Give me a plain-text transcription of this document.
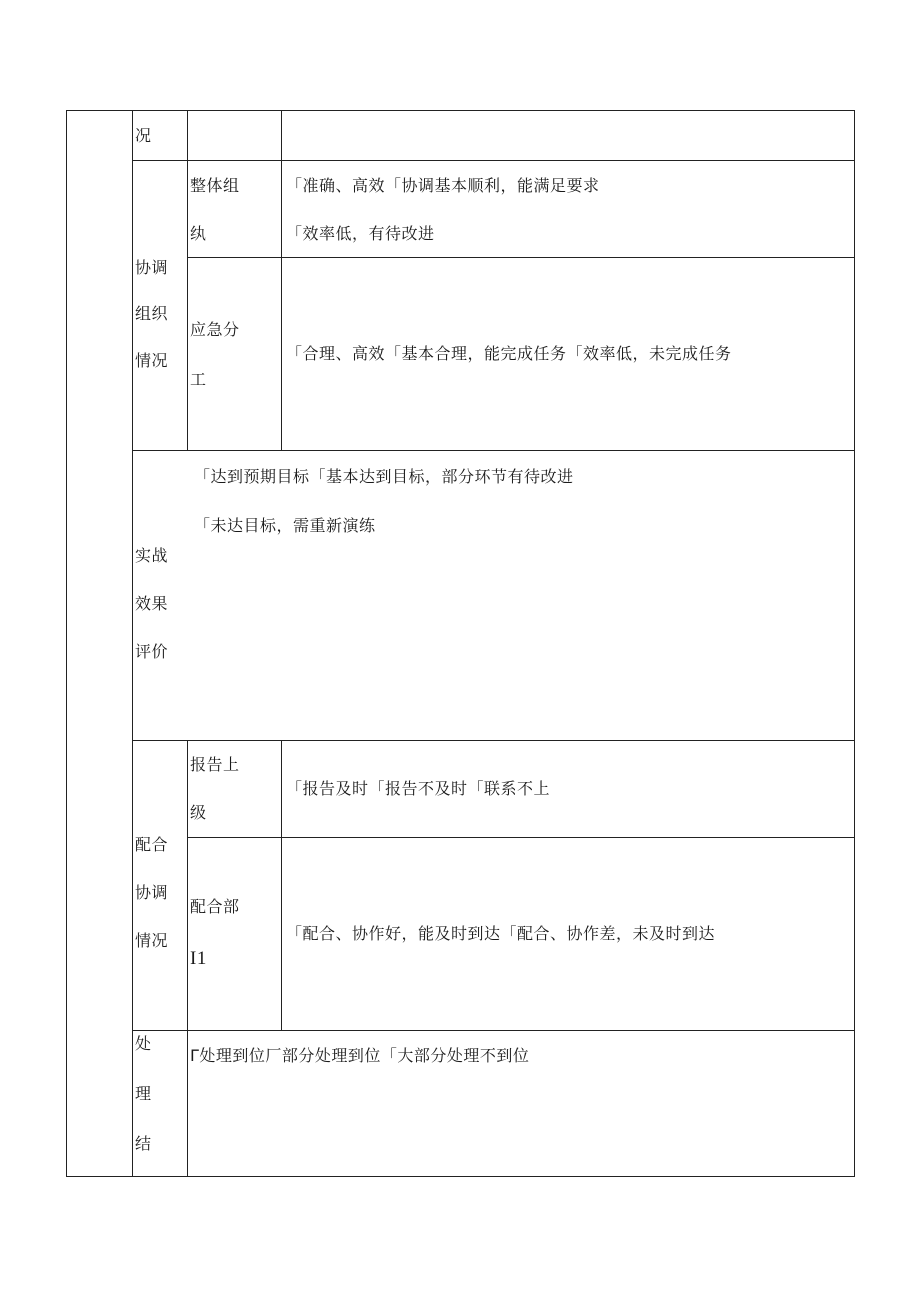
况
协调
组织
情况
整体组
纨
「准确、高效「协调基本顺利，能满足要求
「效率低，有待改进
应急分
工
「合理、高效「基本合理，能完成任务「效率低，未完成任务
实战
效果
评价
「达到预期目标「基本达到目标，部分环节有待改进
「未达目标，需重新演练
配合
协调
情况
报告上
级
「报告及时「报告不及时「联系不上
配合部
I1
「配合、协作好，能及时到达「配合、协作差，未及时到达
处
理
结
Γ处理到位厂部分处理到位「大部分处理不到位
